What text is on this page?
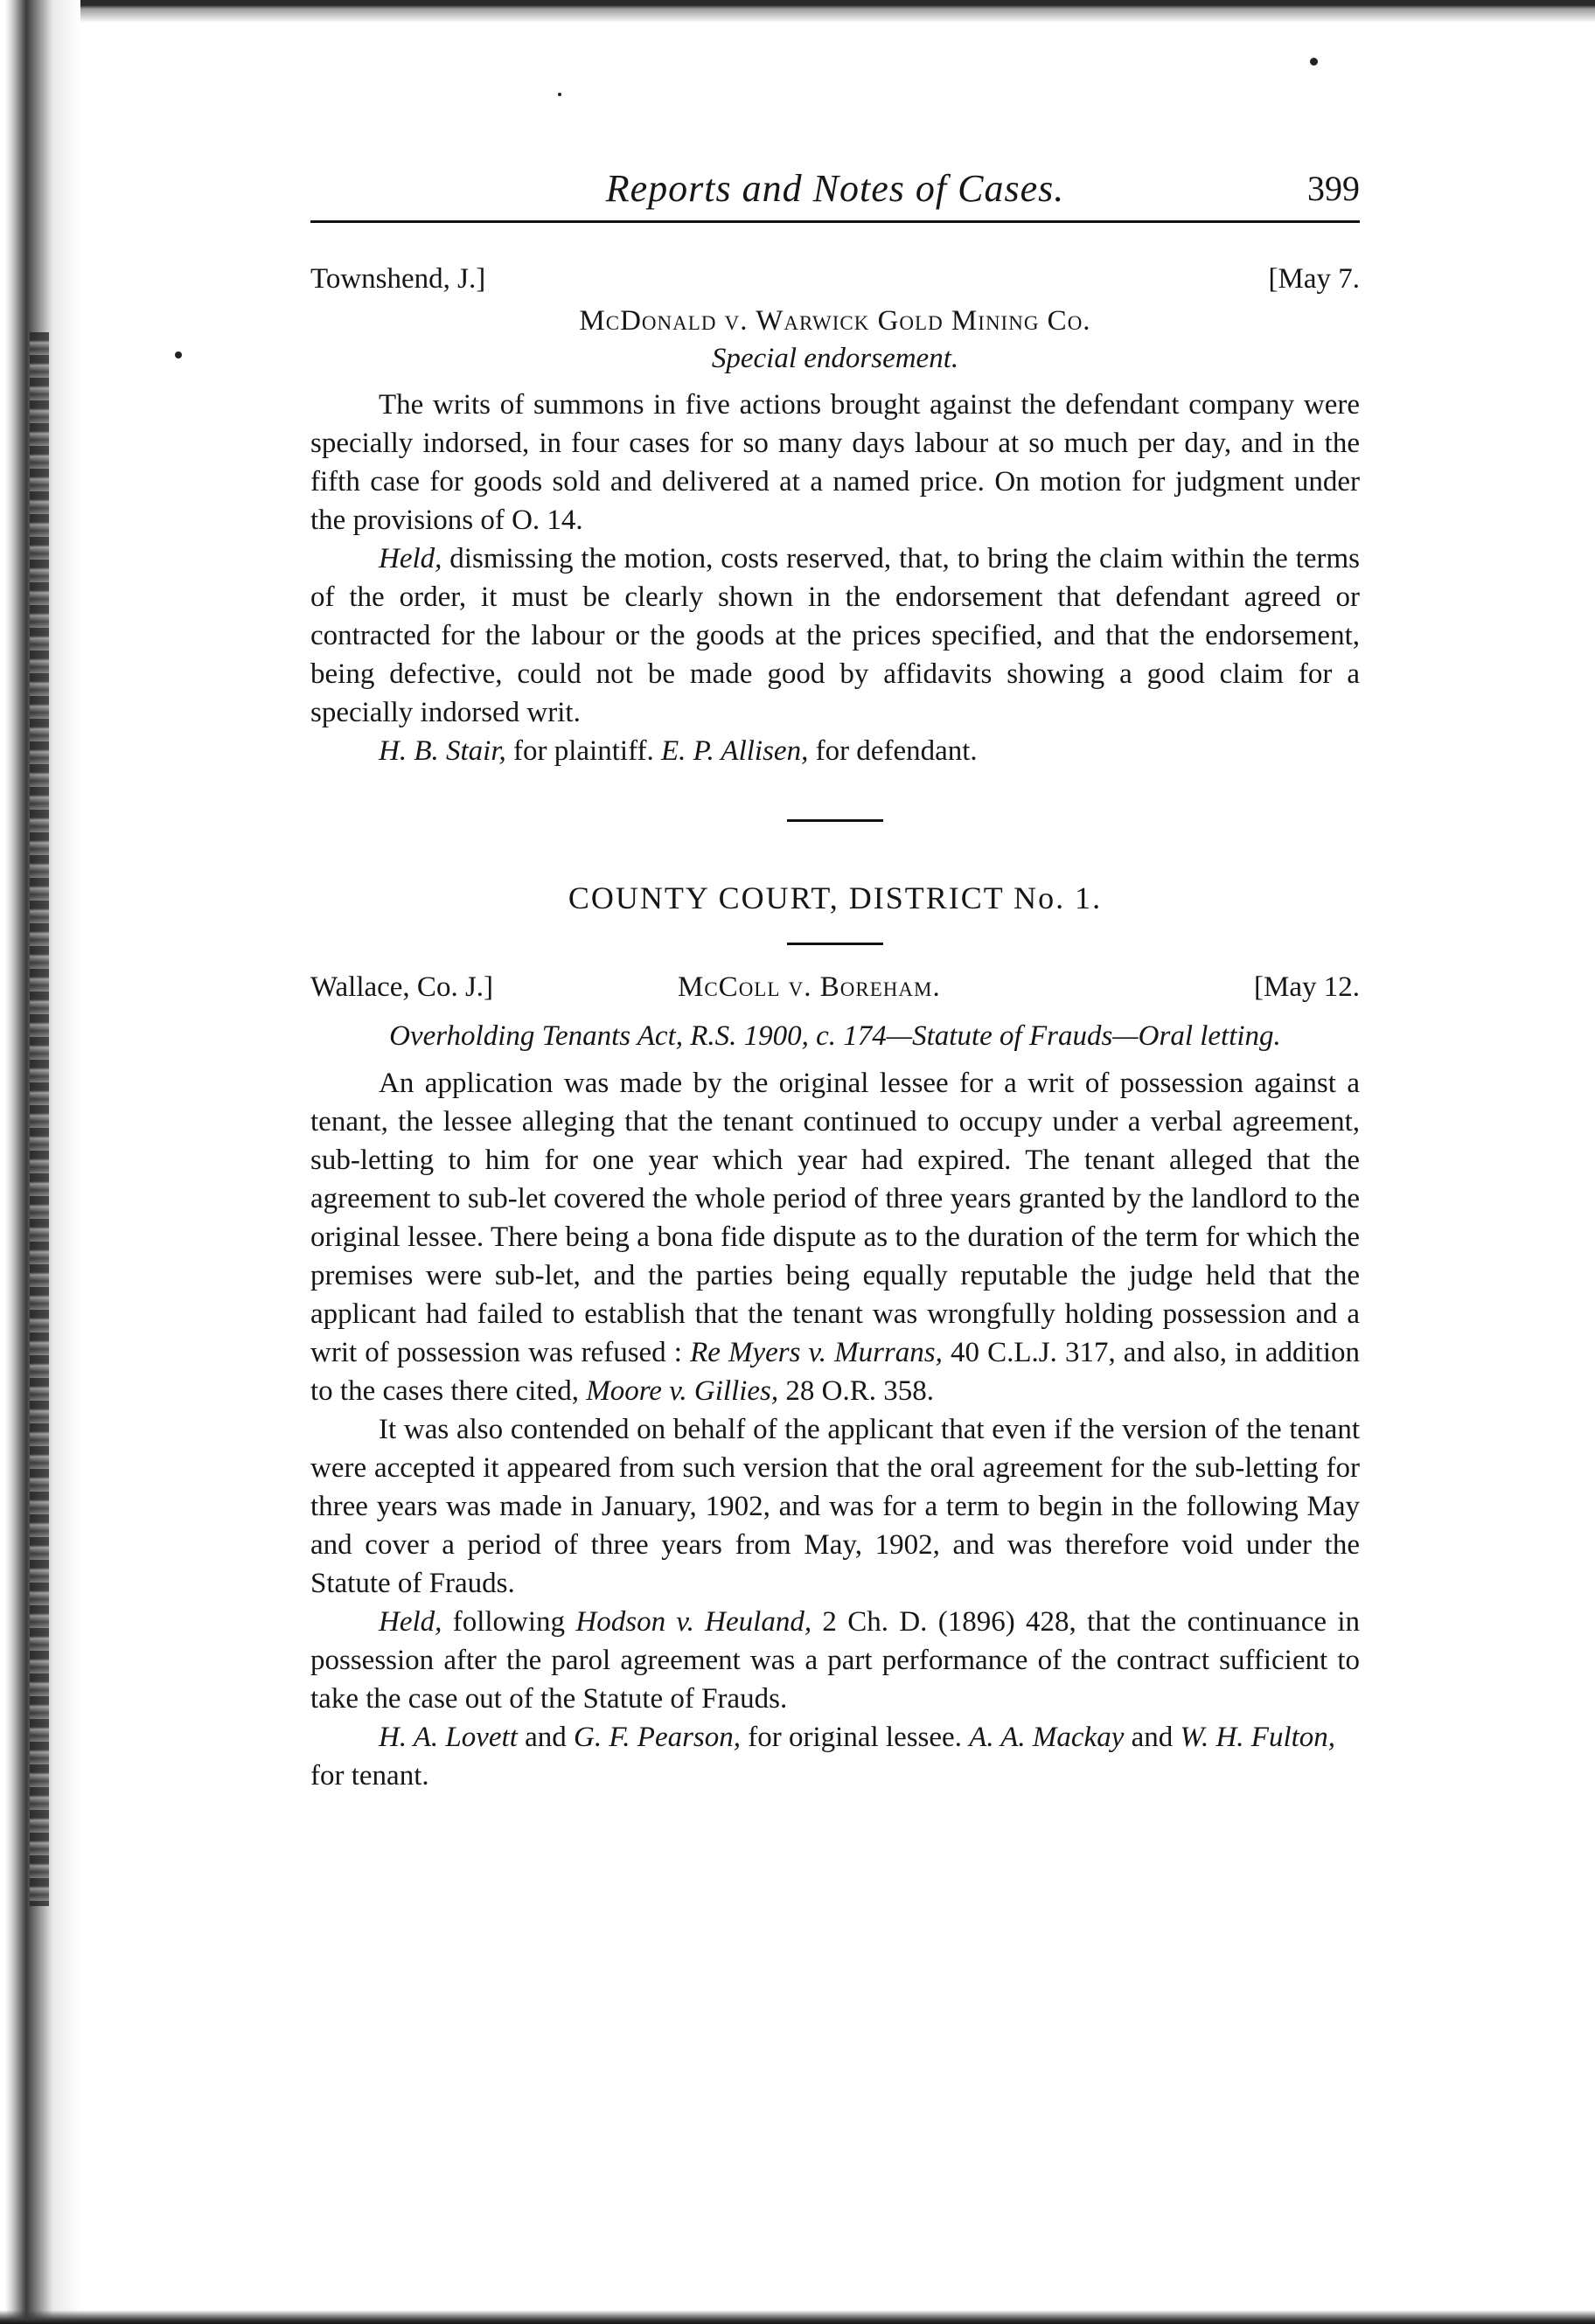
Reports and Notes of Cases.	399
Townshend, J.]	[May 7.
McDonald v. Warwick Gold Mining Co.
Special endorsement.

The writs of summons in five actions brought against the defendant company were specially indorsed, in four cases for so many days labour at so much per day, and in the fifth case for goods sold and delivered at a named price. On motion for judgment under the provisions of O. 14.

Held, dismissing the motion, costs reserved, that, to bring the claim within the terms of the order, it must be clearly shown in the endorsement that defendant agreed or contracted for the labour or the goods at the prices specified, and that the endorsement, being defective, could not be made good by affidavits showing a good claim for a specially indorsed writ.

H. B. Stair, for plaintiff. E. P. Allisen, for defendant.

COUNTY COURT, DISTRICT No. 1.
Wallace, Co. J.]	McColl v. Boreham.	[May 12.
Overholding Tenants Act, R.S. 1900, c. 174—Statute of Frauds—Oral letting.

An application was made by the original lessee for a writ of possession against a tenant, the lessee alleging that the tenant continued to occupy under a verbal agreement, sub-letting to him for one year which year had expired. The tenant alleged that the agreement to sub-let covered the whole period of three years granted by the landlord to the original lessee. There being a bona fide dispute as to the duration of the term for which the premises were sub-let, and the parties being equally reputable the judge held that the applicant had failed to establish that the tenant was wrongfully holding possession and a writ of possession was refused : Re Myers v. Murrans, 40 C.L.J. 317, and also, in addition to the cases there cited, Moore v. Gillies, 28 O.R. 358.

It was also contended on behalf of the applicant that even if the version of the tenant were accepted it appeared from such version that the oral agreement for the sub-letting for three years was made in January, 1902, and was for a term to begin in the following May and cover a period of three years from May, 1902, and was therefore void under the Statute of Frauds.

Held, following Hodson v. Heuland, 2 Ch. D. (1896) 428, that the continuance in possession after the parol agreement was a part performance of the contract sufficient to take the case out of the Statute of Frauds.

H. A. Lovett and G. F. Pearson, for original lessee. A. A. Mackay and W. H. Fulton, for tenant.
